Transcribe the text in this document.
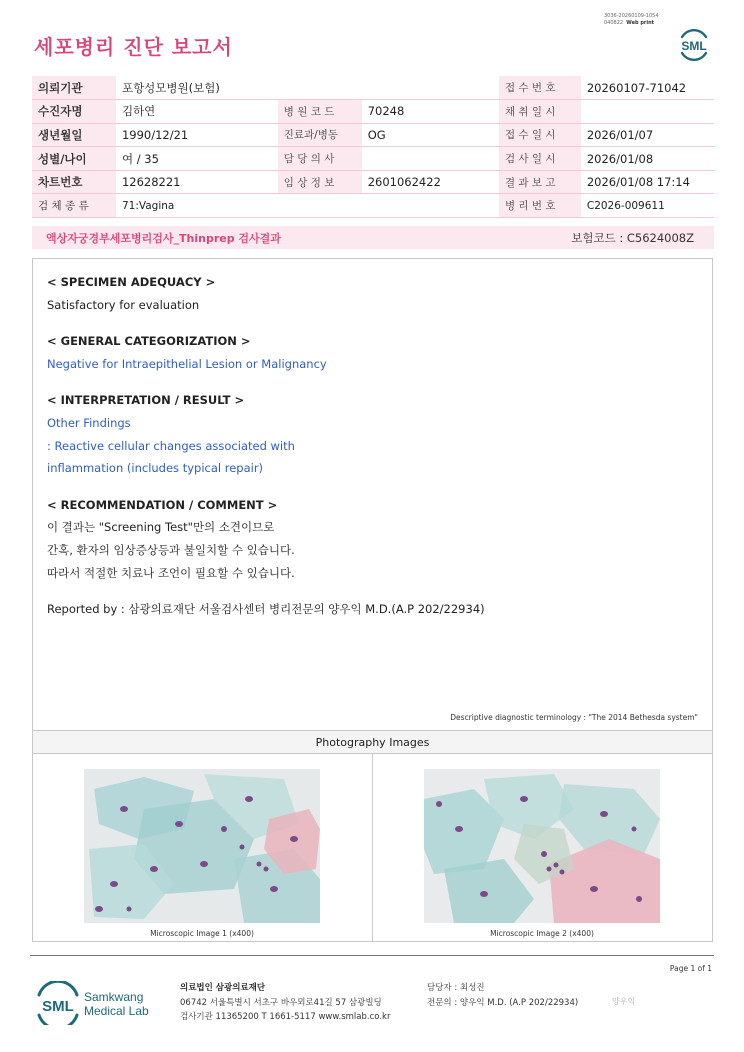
3036-20260109-1054
040822 Web print
세포병리 진단 보고서	SML
의뢰기관	포항성모병원(보험)			접 수 번 호	20260107-71042
수진자명	김하연	병 원 코 드	70248	채 취 일 시	
생년월일	1990/12/21	진료과/병동	OG	접 수 일 시	2026/01/07
성별/나이	여 / 35	담 당 의 사		검 사 일 시	2026/01/08
차트번호	12628221	임 상 정 보	2601062422	결 과 보 고	2026/01/08 17:14
검 체 종 류	71:Vagina			병 리 번 호	C2026-009611
액상자궁경부세포병리검사_Thinprep 검사결과	보험코드 : C5624008Z
< SPECIMEN ADEQUACY >
Satisfactory for evaluation
< GENERAL CATEGORIZATION >
Negative for Intraepithelial Lesion or Malignancy
< INTERPRETATION / RESULT >
Other Findings
: Reactive cellular changes associated with
inflammation (includes typical repair)
< RECOMMENDATION / COMMENT >
이 결과는 "Screening Test"만의 소견이므로
간혹, 환자의 임상증상등과 불일치할 수 있습니다.
따라서 적절한 치료나 조언이 필요할 수 있습니다.
Reported by : 삼광의료재단 서울검사센터 병리전문의 양우익 M.D.(A.P 202/22934)
Descriptive diagnostic terminology : "The 2014 Bethesda system"
Photography Images
Microscopic Image 1 (x400)	Microscopic Image 2 (x400)
Page 1 of 1
SML
Samkwang
Medical Lab
의료법인 삼광의료재단
06742 서울특별시 서초구 바우뫼로41길 57 삼광빌딩
검사기관 11365200 T 1661-5117 www.smlab.co.kr
담당자 : 최성진
전문의 : 양우익 M.D. (A.P 202/22934)	양우익
